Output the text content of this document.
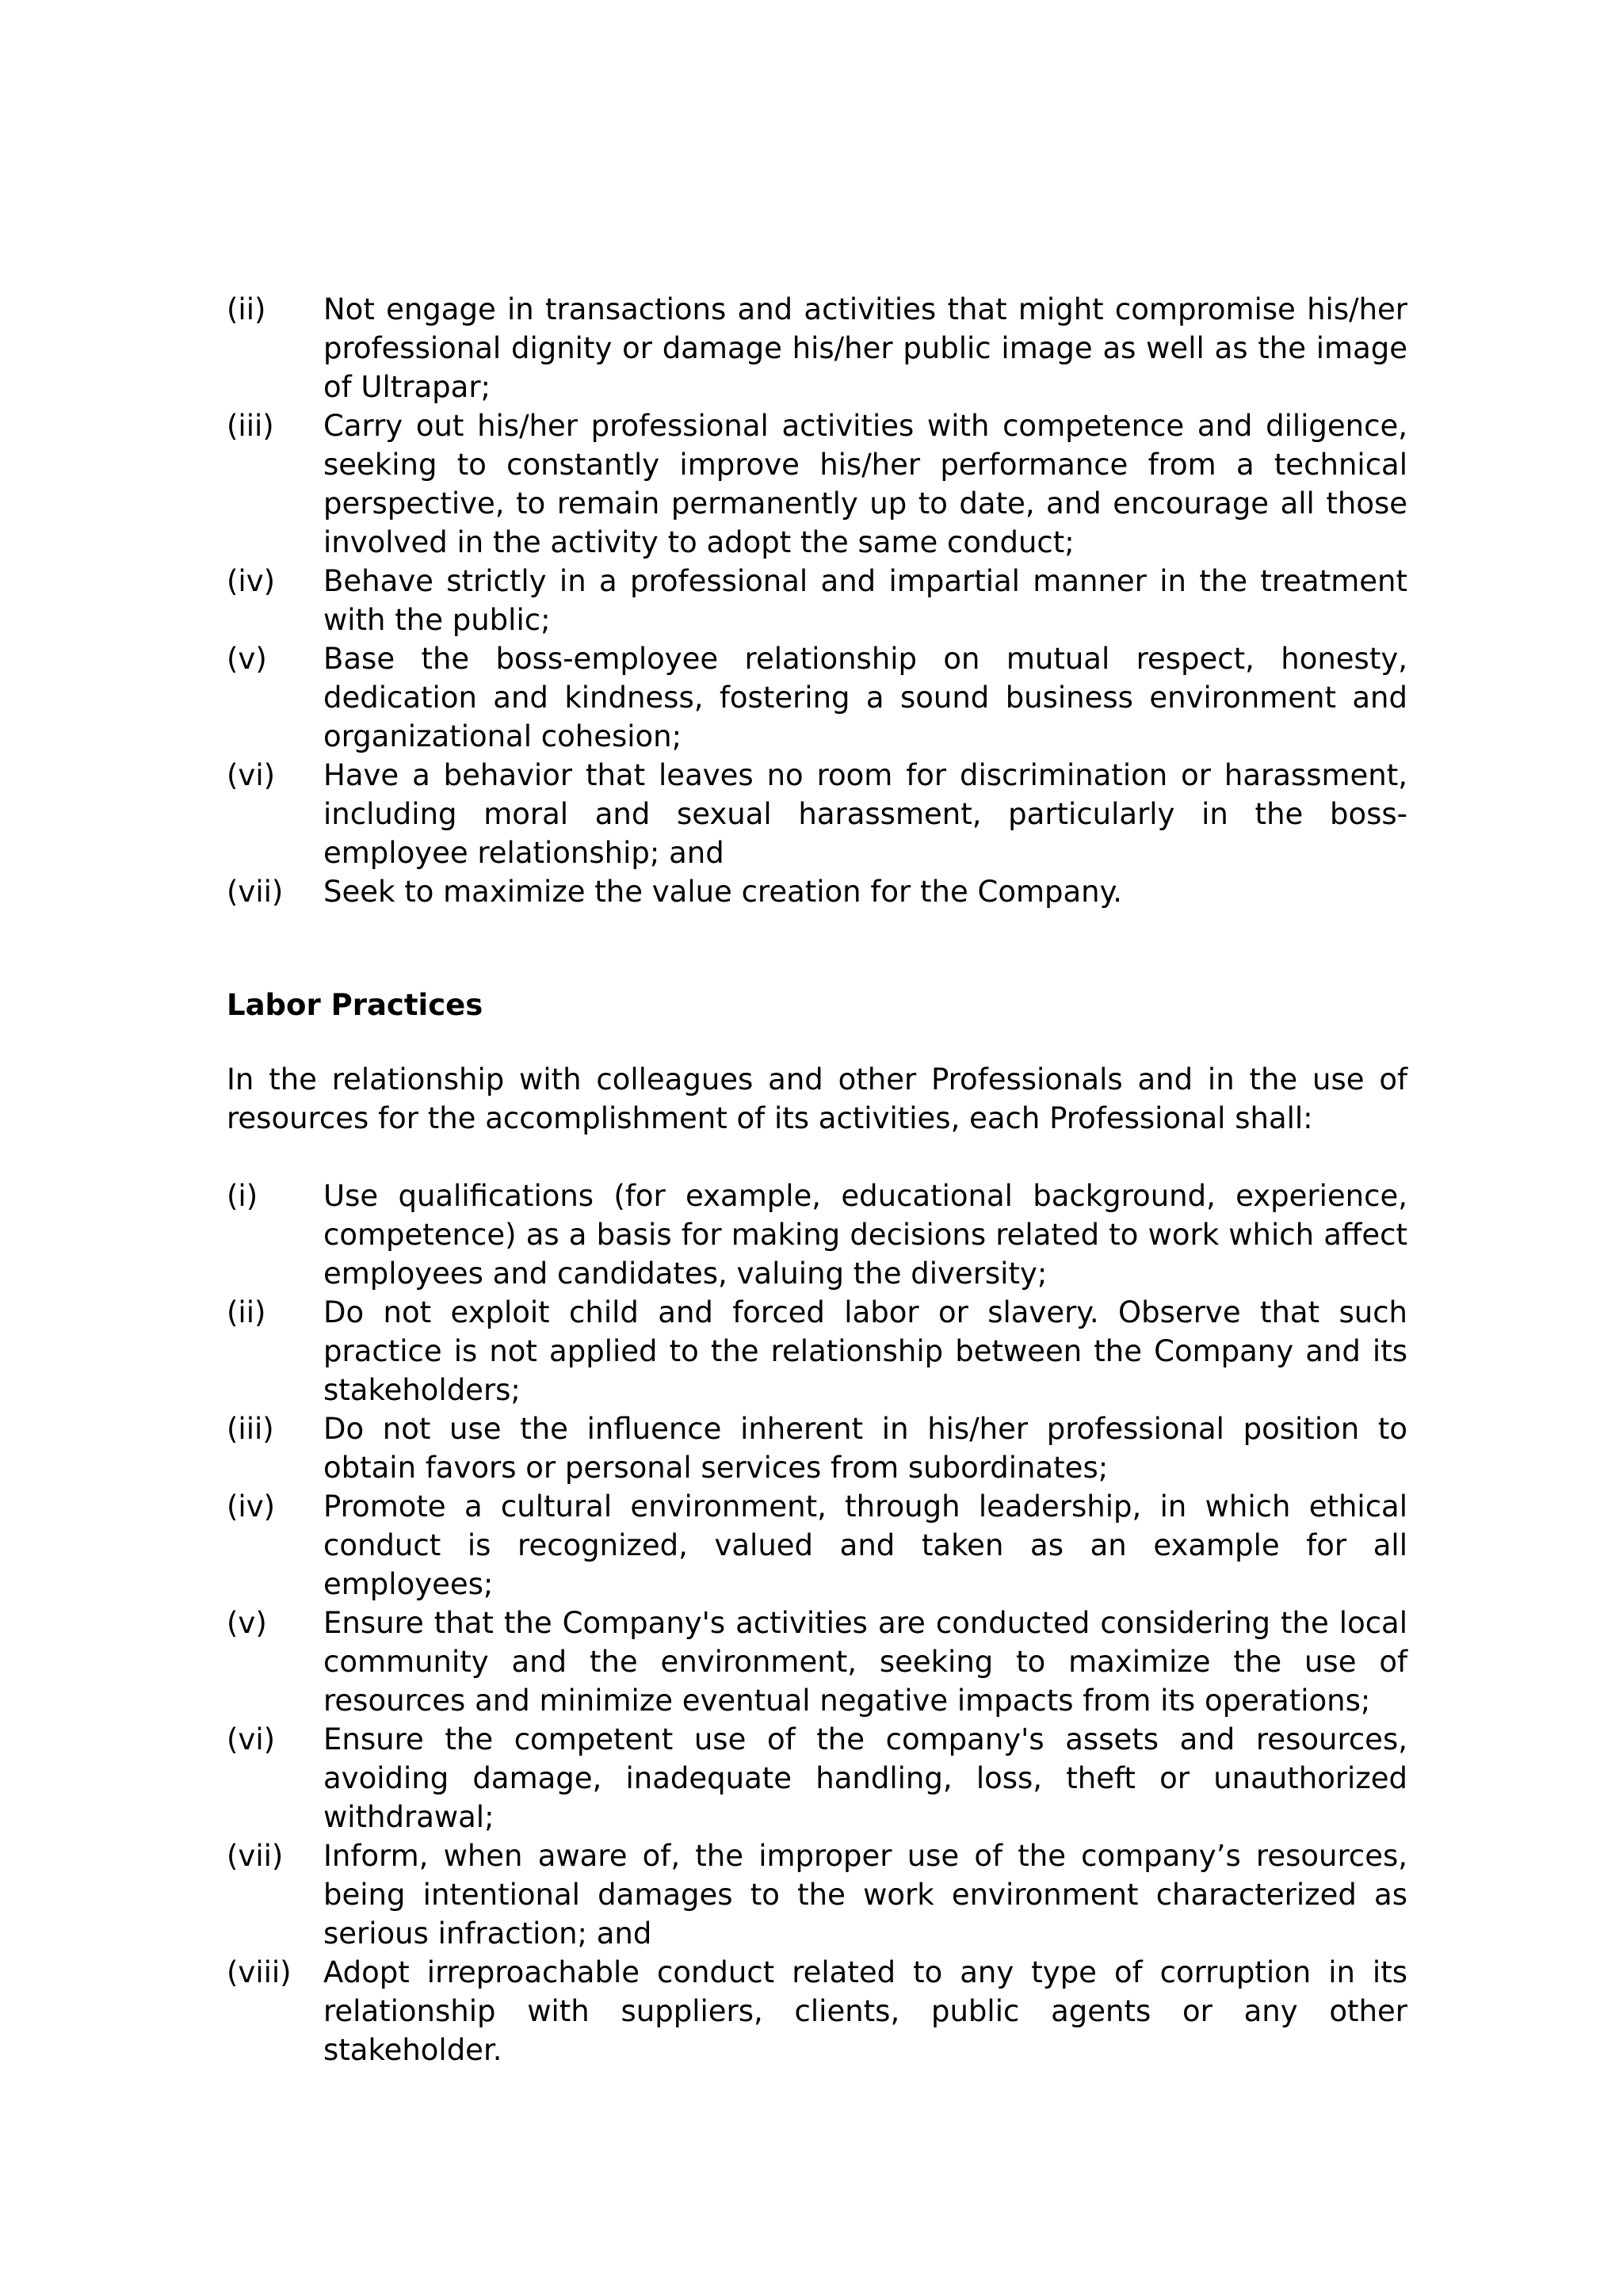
(ii)	Not engage in transactions and activities that might compromise his/her professional dignity or damage his/her public image as well as the image of Ultrapar;
(iii)	Carry out his/her professional activities with competence and diligence, seeking to constantly improve his/her performance from a technical perspective, to remain permanently up to date, and encourage all those involved in the activity to adopt the same conduct;
(iv)	Behave strictly in a professional and impartial manner in the treatment with the public;
(v)	Base the boss-employee relationship on mutual respect, honesty, dedication and kindness, fostering a sound business environment and organizational cohesion;
(vi)	Have a behavior that leaves no room for discrimination or harassment, including moral and sexual harassment, particularly in the boss-employee relationship; and
(vii)	Seek to maximize the value creation for the Company.
Labor Practices
In the relationship with colleagues and other Professionals and in the use of resources for the accomplishment of its activities, each Professional shall:
(i)	Use qualifications (for example, educational background, experience, competence) as a basis for making decisions related to work which affect employees and candidates, valuing the diversity;
(ii)	Do not exploit child and forced labor or slavery. Observe that such practice is not applied to the relationship between the Company and its stakeholders;
(iii)	Do not use the influence inherent in his/her professional position to obtain favors or personal services from subordinates;
(iv)	Promote a cultural environment, through leadership, in which ethical conduct is recognized, valued and taken as an example for all employees;
(v)	Ensure that the Company's activities are conducted considering the local community and the environment, seeking to maximize the use of resources and minimize eventual negative impacts from its operations;
(vi)	Ensure the competent use of the company's assets and resources, avoiding damage, inadequate handling, loss, theft or unauthorized withdrawal;
(vii)	Inform, when aware of, the improper use of the company’s resources, being intentional damages to the work environment characterized as serious infraction; and
(viii)	Adopt irreproachable conduct related to any type of corruption in its relationship with suppliers, clients, public agents or any other stakeholder.
